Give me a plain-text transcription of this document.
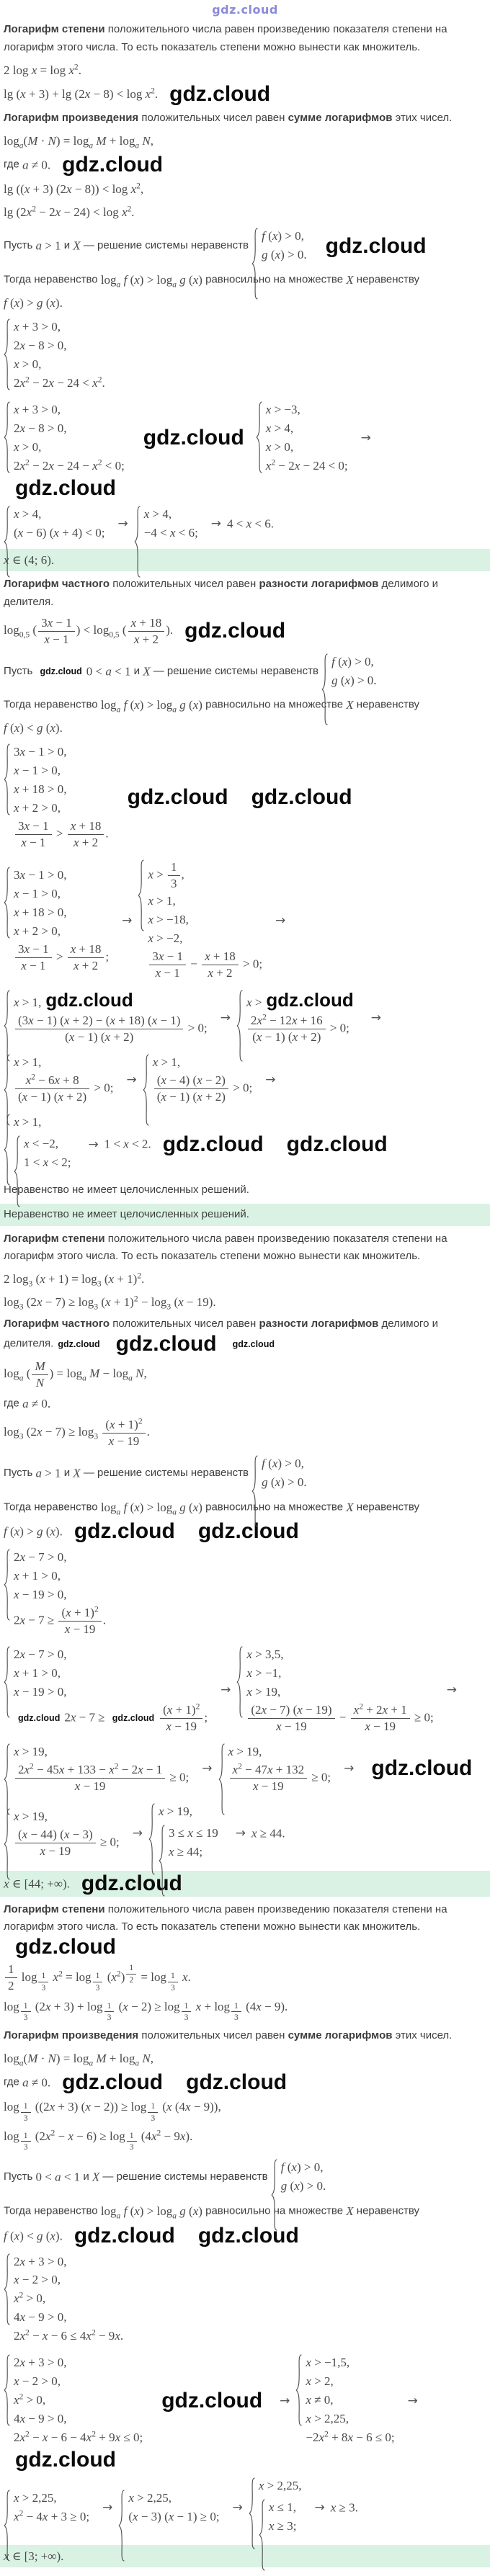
gdz.cloud
Логарифм степени положительного числа равен произведению показателя степени на логарифм этого числа. То есть показатель степени можно вынести как множитель.
2 $\log x = \log x^2$.
$\lg (x + 3) + \lg (2x - 8) < \log x^2$. gdz.cloud
Логарифм произведения положительных чисел равен сумме логарифмов этих чисел.
$\log_a(M \cdot N) = \log_a M + \log_a N$,
где a ≠ 0. gdz.cloud
lg ((x + 3) $(2x - 8)) < \log x^2$,
$\lg (2x^2 - 2x - 24) < \log x^2$.
Пусть a > 1 и X — решение системы неравенств
f (x) > 0,
g (x) > 0. gdz.cloud
Тогда неравенство $\log_a f$ $(x) > \log_a g$ (x) равносильно на множестве X неравенству
f (x) > g (x).
x + 3 > 0,
2x − 8 > 0,
x > 0,
$2x^2 - 2x - 24 < x^2$.
x + 3 > 0,
2x − 8 > 0,
x > 0,
$2x^2 - 2x - 24 - x^2 < 0$;
gdz.cloud
x > −3,
x > 4,
x > 0,
$x^2 - 2x - 24 < 0$;
→gdz.cloud
x > 4,
(x − 6) (x + 4) < 0;
→
x > 4,
−4 < x < 6;
→ 4 < x < 6.
x ∈ (4; 6).
Логарифм частного положительных чисел равен разности логарифмов делимого и делителя.
$\log_{0,5}$ ( $\frac{3x - 1}{x - 1}$ ) < $\log_{0,5}$ ( $\frac{x + 18}{x + 2}$ ). gdz.cloud
Пусть gdz.cloud 0 < a < 1 и X — решение системы неравенств
f (x) > 0,
g (x) > 0.
Тогда неравенство $\log_a f$ $(x) > \log_a g$ (x) равносильно на множестве X неравенству
f (x) < g (x).
3x − 1 > 0,
x − 1 > 0,
x + 18 > 0,
x + 2 > 0,
$\frac{3x - 1}{x - 1} > \frac{x + 18}{x + 2}$ .
gdz.cloud gdz.cloud
3x − 1 > 0,
x − 1 > 0,
x + 18 > 0,
x + 2 > 0,
$\frac{3x - 1}{x - 1} > \frac{x + 18}{x + 2}$ ;
→
$x > \frac{1}{3}$ ,
x > 1,
x > −18,
x > −2,
$\frac{3x - 1}{x - 1} - \frac{x + 18}{x + 2} > 0$;
→
x > 1, gdz.cloud
$\frac{(3x - 1) (x + 2) - (x + 18) (x - 1)}{(x - 1) (x + 2)} > 0$;
→
x > gdz.cloud
$\frac{2x^2 - 12x + 16}{(x - 1) (x + 2)} > 0$;
→
x > 1,
$\frac{x^2 - 6x + 8}{(x - 1) (x + 2)} > 0$;
→
x > 1,
$\frac{(x - 4) (x - 2)}{(x - 1) (x + 2)} > 0$;
→
x > 1,
x < −2,
1 < x < 2;
→ 1 < x < 2. gdz.cloud gdz.cloud
Неравенство не имеет целочисленных решений.
Неравенство не имеет целочисленных решений.
Логарифм степени положительного числа равен произведению показателя степени на логарифм этого числа. То есть показатель степени можно вынести как множитель.
2 $\log_3 (x + 1) = \log_3 (x + 1)^2$.
$\log_3 (2x - 7) \ge \log_3 (x + 1)^2 - \log_3 (x - 19)$.
Логарифм частного положительных чисел равен разности логарифмов делимого и делителя. gdz.cloud gdz.cloud gdz.cloud
$\log_a$ ( $\frac{M}{N}$ ) = $\log_a M - \log_a N$,
где a ≠ 0.
$\log_3 (2x - 7) \ge \log_3 \frac{(x + 1)^2}{x - 19}$ .
Пусть a > 1 и X — решение системы неравенств
f (x) > 0,
g (x) > 0.
Тогда неравенство $\log_a f$ $(x) > \log_a g$ (x) равносильно на множестве X неравенству
f (x) > g (x). gdz.cloud gdz.cloud
2x − 7 > 0,
x + 1 > 0,
x − 19 > 0,
$2x - 7 \ge \frac{(x + 1)^2}{x - 19}$ .
2x − 7 > 0,
x + 1 > 0,
x − 19 > 0,
gdz.cloud 2x − 7 ≥ gdz.cloud $\frac{(x + 1)^2}{x - 19}$ ;
→
x > 3,5,
x > −1,
x > 19,
$\frac{(2x - 7) (x - 19)}{x - 19} - \frac{x^2 + 2x + 1}{x - 19} \ge 0$;
→
x > 19,
$\frac{2x^2 - 45x + 133 - x^2 - 2x - 1}{x - 19} \ge 0$;
→
x > 19,
$\frac{x^2 - 47x + 132}{x - 19} \ge 0$;
→ gdz.cloud
x > 19,
$\frac{(x - 44) (x - 3)}{x - 19} \ge 0$;
→
x > 19,
3 ≤ x ≤ 19
x ≥ 44;
→ x ≥ 44.
x ∈ [44; +∞). gdz.cloud
Логарифм степени положительного числа равен произведению показателя степени на логарифм этого числа. То есть показатель степени можно вынести как множитель.gdz.cloud
$\frac{1}{2}$ log $_{\frac{1}{3}}$ $x^2 = \log _{\frac{1}{3}}$ $(x^2) ^{\frac{1}{2}} = \log _{\frac{1}{3}}$ x.
log $_{\frac{1}{3}}$ (2x + 3) + log $_{\frac{1}{3}}$ (x − 2) ≥ log $_{\frac{1}{3}}$ x + log $_{\frac{1}{3}}$ (4x − 9).
Логарифм произведения положительных чисел равен сумме логарифмов этих чисел.
$\log_a(M \cdot N) = \log_a M + \log_a N$,
где a ≠ 0. gdz.cloud gdz.cloud
log $_{\frac{1}{3}}$ ((2x + 3) (x − 2)) ≥ log $_{\frac{1}{3}}$ (x (4x − 9)),
log $_{\frac{1}{3}}$ $(2x^2 - x - 6) \ge \log _{\frac{1}{3}}$ $(4x^2 - 9x)$.
Пусть 0 < a < 1 и X — решение системы неравенств
f (x) > 0,
g (x) > 0.
Тогда неравенство $\log_a f$ $(x) > \log_a g$ (x) равносильно на множестве X неравенству
f (x) < g (x). gdz.cloud gdz.cloud
2x + 3 > 0,
x − 2 > 0,
$x^2 > 0$,
4x − 9 > 0,
$2x^2 - x - 6 \le 4x^2 - 9x$.
2x + 3 > 0,
x − 2 > 0,
$x^2 > 0$,
4x − 9 > 0,
$2x^2 - x - 6 - 4x^2 + 9x \le 0$;
gdz.cloud →
x > −1,5,
x > 2,
x ≠ 0,
x > 2,25,
$-2x^2 + 8x - 6 \le 0$;
→gdz.cloud
x > 2,25,
$x^2 - 4x + 3 \ge 0$;
→
x > 2,25,
(x − 3) (x − 1) ≥ 0;
→
x > 2,25,
x ≤ 1,
x ≥ 3;
→ x ≥ 3.
x ∈ [3; +∞).
